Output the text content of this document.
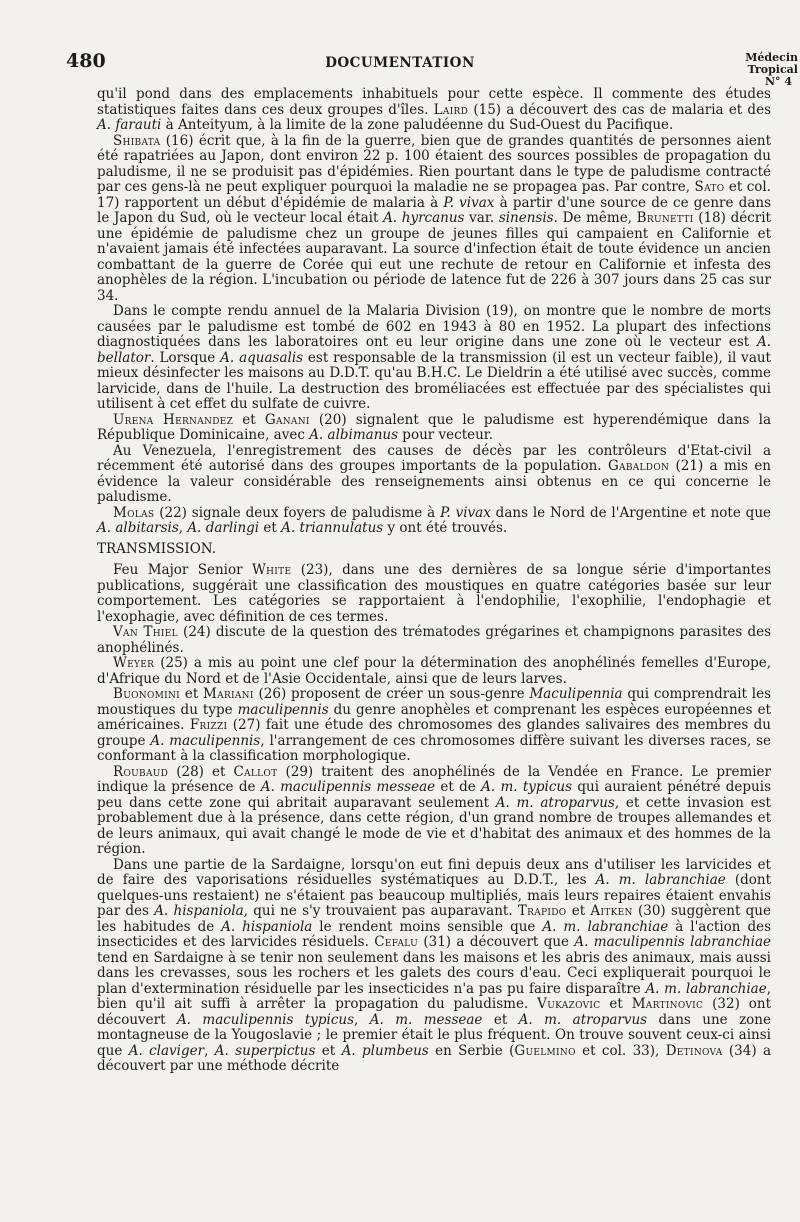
480	DOCUMENTATION	Médecin
Tropical
N° 4

qu'il pond dans des emplacements inhabituels pour cette espèce. Il commente des études statistiques faites dans ces deux groupes d'îles. Laird (15) a découvert des cas de malaria et des A. farauti à Anteityum, à la limite de la zone paludéenne du Sud-Ouest du Pacifique.

Shibata (16) écrit que, à la fin de la guerre, bien que de grandes quantités de personnes aient été rapatriées au Japon, dont environ 22 p. 100 étaient des sources possibles de propagation du paludisme, il ne se produisit pas d'épidémies. Rien pourtant dans le type de paludisme contracté par ces gens-là ne peut expliquer pourquoi la maladie ne se propagea pas. Par contre, Sato et col. 17) rapportent un début d'épidémie de malaria à P. vivax à partir d'une source de ce genre dans le Japon du Sud, où le vecteur local était A. hyrcanus var. sinensis. De même, Brunetti (18) décrit une épidémie de paludisme chez un groupe de jeunes filles qui campaient en Californie et n'avaient jamais été infectées auparavant. La source d'infection était de toute évidence un ancien combattant de la guerre de Corée qui eut une rechute de retour en Californie et infesta des anophèles de la région. L'incubation ou période de latence fut de 226 à 307 jours dans 25 cas sur 34.

Dans le compte rendu annuel de la Malaria Division (19), on montre que le nombre de morts causées par le paludisme est tombé de 602 en 1943 à 80 en 1952. La plupart des infections diagnostiquées dans les laboratoires ont eu leur origine dans une zone où le vecteur est A. bellator. Lorsque A. aquasalis est responsable de la transmission (il est un vecteur faible), il vaut mieux désinfecter les maisons au D.D.T. qu'au B.H.C. Le Dieldrin a été utilisé avec succès, comme larvicide, dans de l'huile. La destruction des broméliacées est effectuée par des spécialistes qui utilisent à cet effet du sulfate de cuivre.

Urena Hernandez et Ganani (20) signalent que le paludisme est hyperendémique dans la République Dominicaine, avec A. albimanus pour vecteur.

Au Venezuela, l'enregistrement des causes de décès par les contrôleurs d'Etat-civil a récemment été autorisé dans des groupes importants de la population. Gabaldon (21) a mis en évidence la valeur considérable des renseignements ainsi obtenus en ce qui concerne le paludisme.

Molas (22) signale deux foyers de paludisme à P. vivax dans le Nord de l'Argentine et note que A. albitarsis, A. darlingi et A. triannulatus y ont été trouvés.

TRANSMISSION.

Feu Major Senior White (23), dans une des dernières de sa longue série d'importantes publications, suggérait une classification des moustiques en quatre catégories basée sur leur comportement. Les catégories se rapportaient à l'endophilie, l'exophilie, l'endophagie et l'exophagie, avec définition de ces termes.

Van Thiel (24) discute de la question des trématodes grégarines et champignons parasites des anophélinés.

Weyer (25) a mis au point une clef pour la détermination des anophélinés femelles d'Europe, d'Afrique du Nord et de l'Asie Occidentale, ainsi que de leurs larves.

Buonomini et Mariani (26) proposent de créer un sous-genre Maculipennia qui comprendrait les moustiques du type maculipennis du genre anophèles et comprenant les espèces européennes et américaines. Frizzi (27) fait une étude des chromosomes des glandes salivaires des membres du groupe A. maculipennis, l'arrangement de ces chromosomes diffère suivant les diverses races, se conformant à la classification morphologique.

Roubaud (28) et Callot (29) traitent des anophélinés de la Vendée en France. Le premier indique la présence de A. maculipennis messeae et de A. m. typicus qui auraient pénétré depuis peu dans cette zone qui abritait auparavant seulement A. m. atroparvus, et cette invasion est probablement due à la présence, dans cette région, d'un grand nombre de troupes allemandes et de leurs animaux, qui avait changé le mode de vie et d'habitat des animaux et des hommes de la région.

Dans une partie de la Sardaigne, lorsqu'on eut fini depuis deux ans d'utiliser les larvicides et de faire des vaporisations résiduelles systématiques au D.D.T., les A. m. labranchiae (dont quelques-uns restaient) ne s'étaient pas beaucoup multipliés, mais leurs repaires étaient envahis par des A. hispaniola, qui ne s'y trouvaient pas auparavant. Trapido et Aitken (30) suggèrent que les habitudes de A. hispaniola le rendent moins sensible que A. m. labranchiae à l'action des insecticides et des larvicides résiduels. Cefalu (31) a découvert que A. maculipennis labranchiae tend en Sardaigne à se tenir non seulement dans les maisons et les abris des animaux, mais aussi dans les crevasses, sous les rochers et les galets des cours d'eau. Ceci expliquerait pourquoi le plan d'extermination résiduelle par les insecticides n'a pas pu faire disparaître A. m. labranchiae, bien qu'il ait suffi à arrêter la propagation du paludisme. Vukazovic et Martinovic (32) ont découvert A. maculipennis typicus, A. m. messeae et A. m. atroparvus dans une zone montagneuse de la Yougoslavie ; le premier était le plus fréquent. On trouve souvent ceux-ci ainsi que A. claviger, A. superpictus et A. plumbeus en Serbie (Guelmino et col. 33), Detinova (34) a découvert par une méthode décrite
